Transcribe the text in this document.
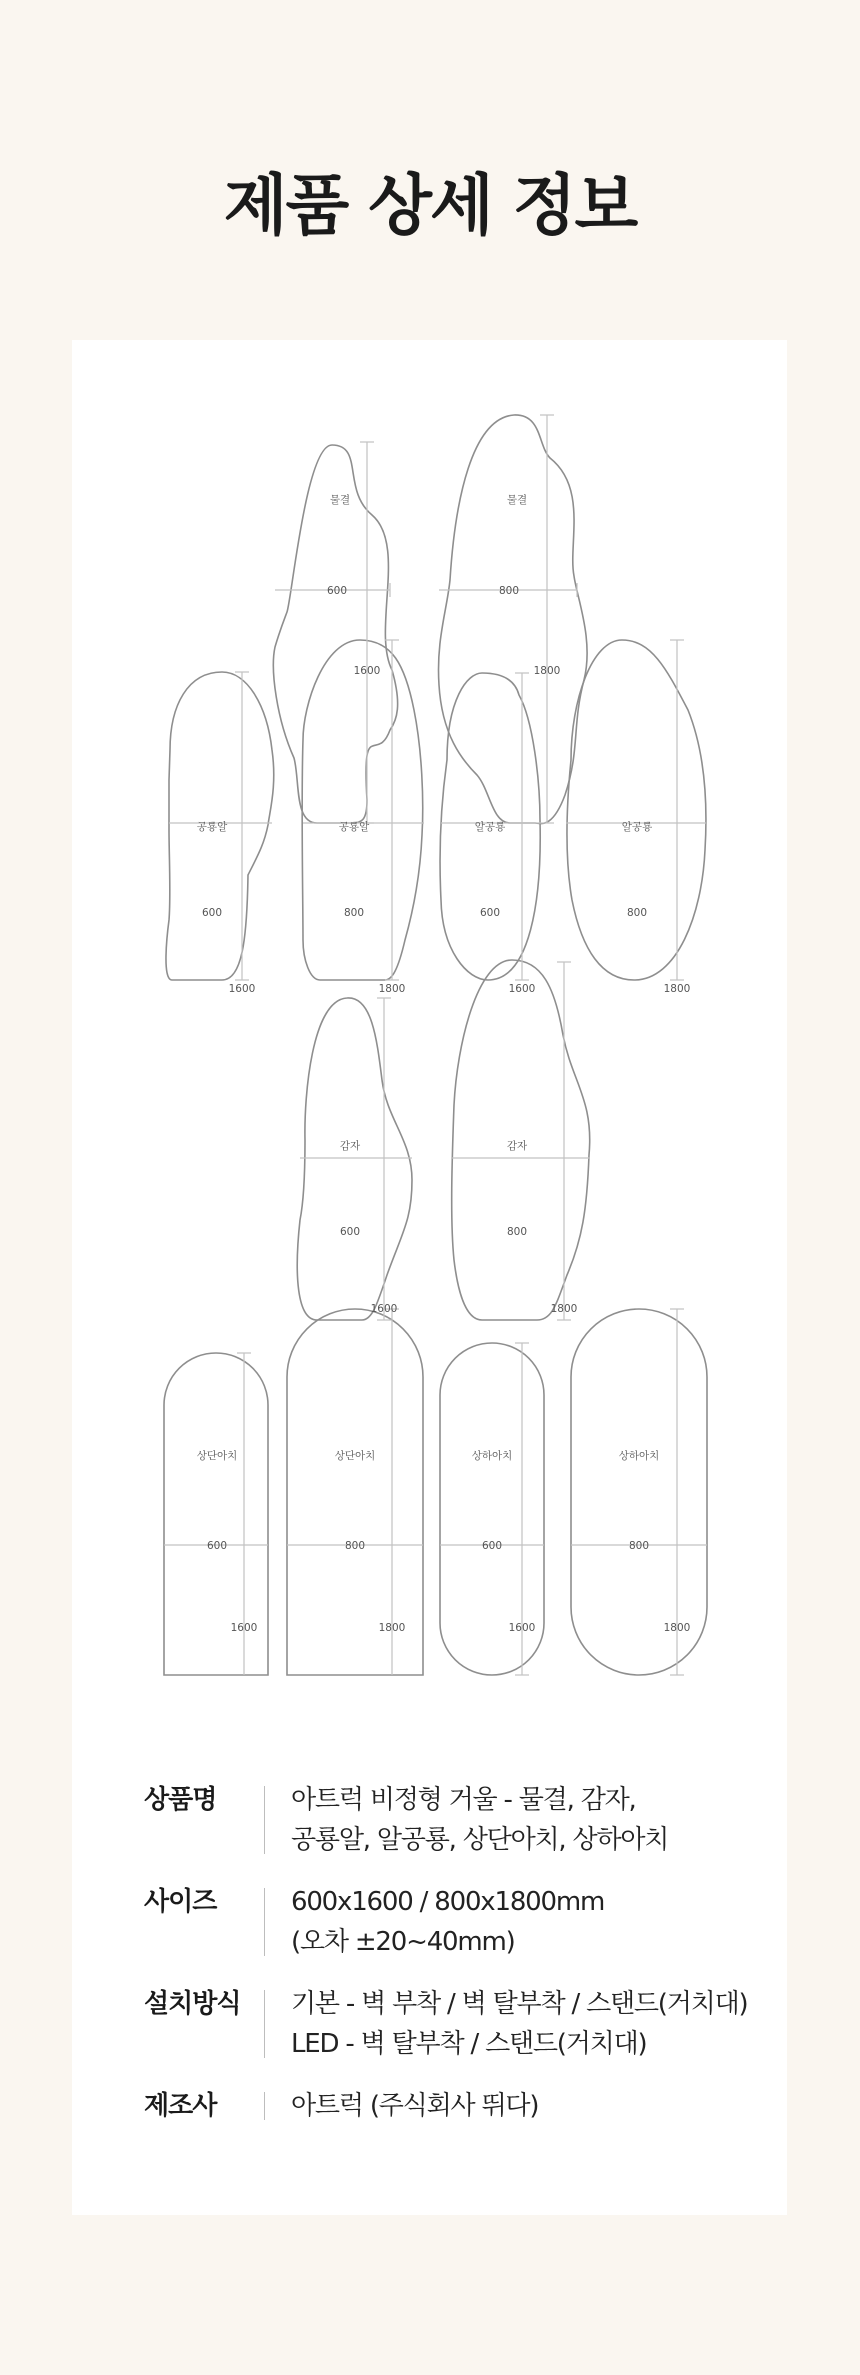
제품 상세 정보
물결
600
1600
물결
800
1800
공룡알
600
1600
공룡알
800
1800
알공룡
600
1600
알공룡
800
1800
감자
600
1600
감자
800
1800
상단아치
600
1600
상단아치
800
1800
상하아치
600
1600
상하아치
800
1800
상품명	아트럭 비정형 거울 - 물결, 감자,
공룡알, 알공룡, 상단아치, 상하아치
사이즈	600x1600 / 800x1800mm
(오차 ±20~40mm)
설치방식	기본 - 벽 부착 / 벽 탈부착 / 스탠드(거치대)
LED - 벽 탈부착 / 스탠드(거치대)
제조사	아트럭 (주식회사 뛰다)
